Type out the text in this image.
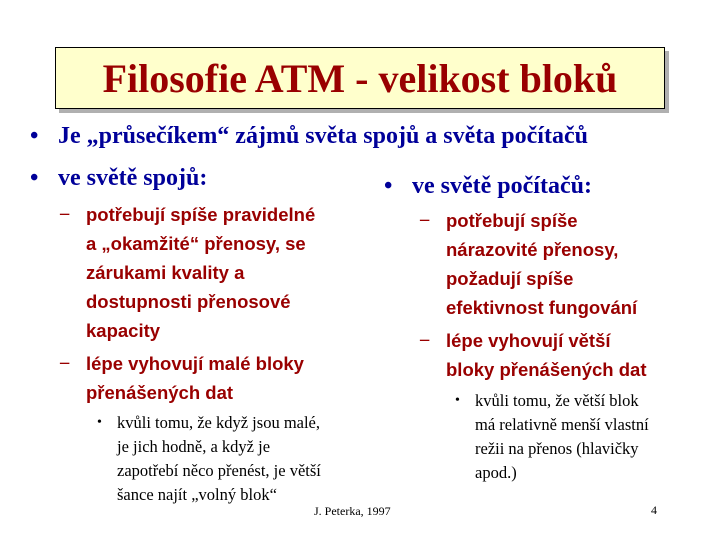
Filosofie ATM - velikost bloků
• Je „průsečíkem“ zájmů světa spojů a světa počítačů
• ve světě spojů:	• ve světě počítačů:
– potřebují spíše pravidelné
a „okamžité“ přenosy, se
zárukami kvality a
dostupnosti přenosové
kapacity
– lépe vyhovují malé bloky
přenášených dat
• kvůli tomu, že když jsou malé,
je jich hodně, a když je
zapotřebí něco přenést, je větší
šance najít „volný blok“
– potřebují spíše
nárazovité přenosy,
požadují spíše
efektivnost fungování
– lépe vyhovují větší
bloky přenášených dat
• kvůli tomu, že větší blok
má relativně menší vlastní
režii na přenos (hlavičky
apod.)
J. Peterka, 1997	4
